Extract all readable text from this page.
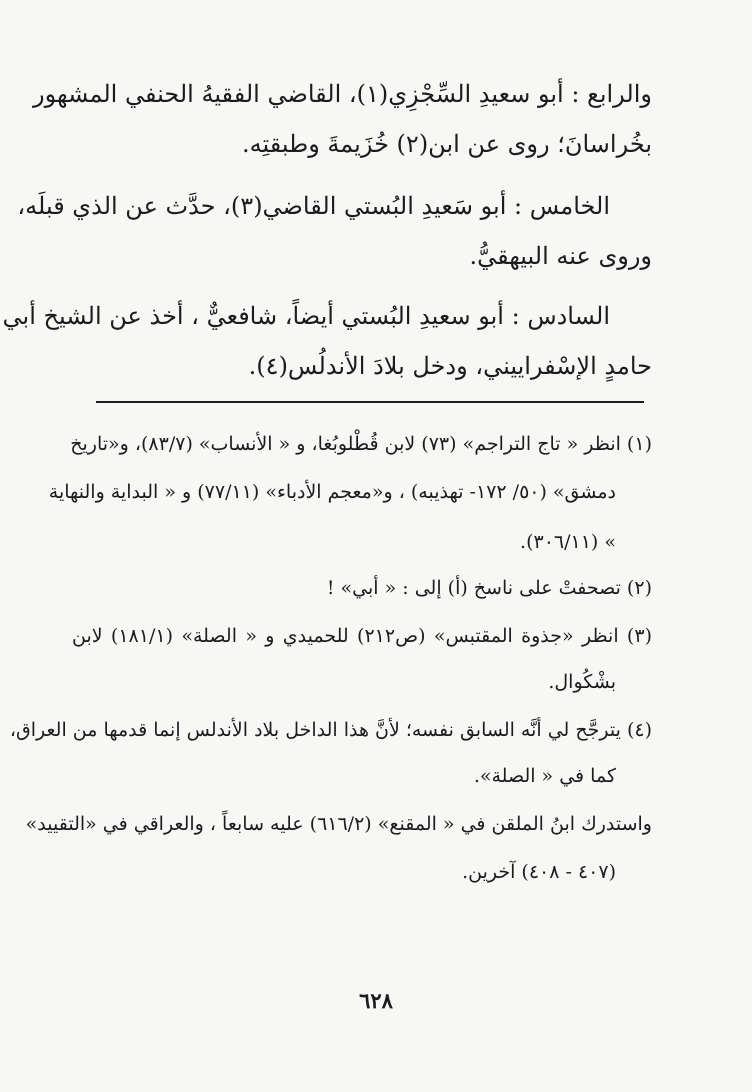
والرابع : أبو سعيدِ السِّجْزِي(١)، القاضي الفقيهُ الحنفي المشهور
بخُراسانَ؛ روى عن ابن(٢) خُزَيمةَ وطبقتِه.
الخامس : أبو سَعيدِ البُستي القاضي(٣)، حدَّث عن الذي قبلَه،
وروى عنه البيهقيُّ.
السادس : أبو سعيدِ البُستي أيضاً، شافعيٌّ ، أخذ عن الشيخ أبي
حامدٍ الإسْفراييني، ودخل بلادَ الأندلُس(٤).
(١) انظر « تاج التراجم» (٧٣) لابن قُطْلوبُغا، و « الأنساب» (٨٣/٧)، و«تاريخ
دمشق» (٥٠/ ١٧٢- تهذيبه) ، و«معجم الأدباء» (٧٧/١١) و « البداية والنهاية
» (٣٠٦/١١).
(٢) تصحفتْ على ناسخ (أ) إلى : « أبي» !
(٣) انظر «جذوة المقتبس» (ص٢١٢) للحميدي و « الصلة» (١٨١/١) لابن
بشْكُوال.
(٤) يترجَّح لي أنَّه السابق نفسه؛ لأنَّ هذا الداخل بلاد الأندلس إنما قدمها من العراق،
كما في « الصلة».
واستدرك ابنُ الملقن في « المقنع» (٦١٦/٢) عليه سابعاً ، والعراقي في «التقييد»
(٤٠٧ - ٤٠٨) آخرين.
٦٢٨
